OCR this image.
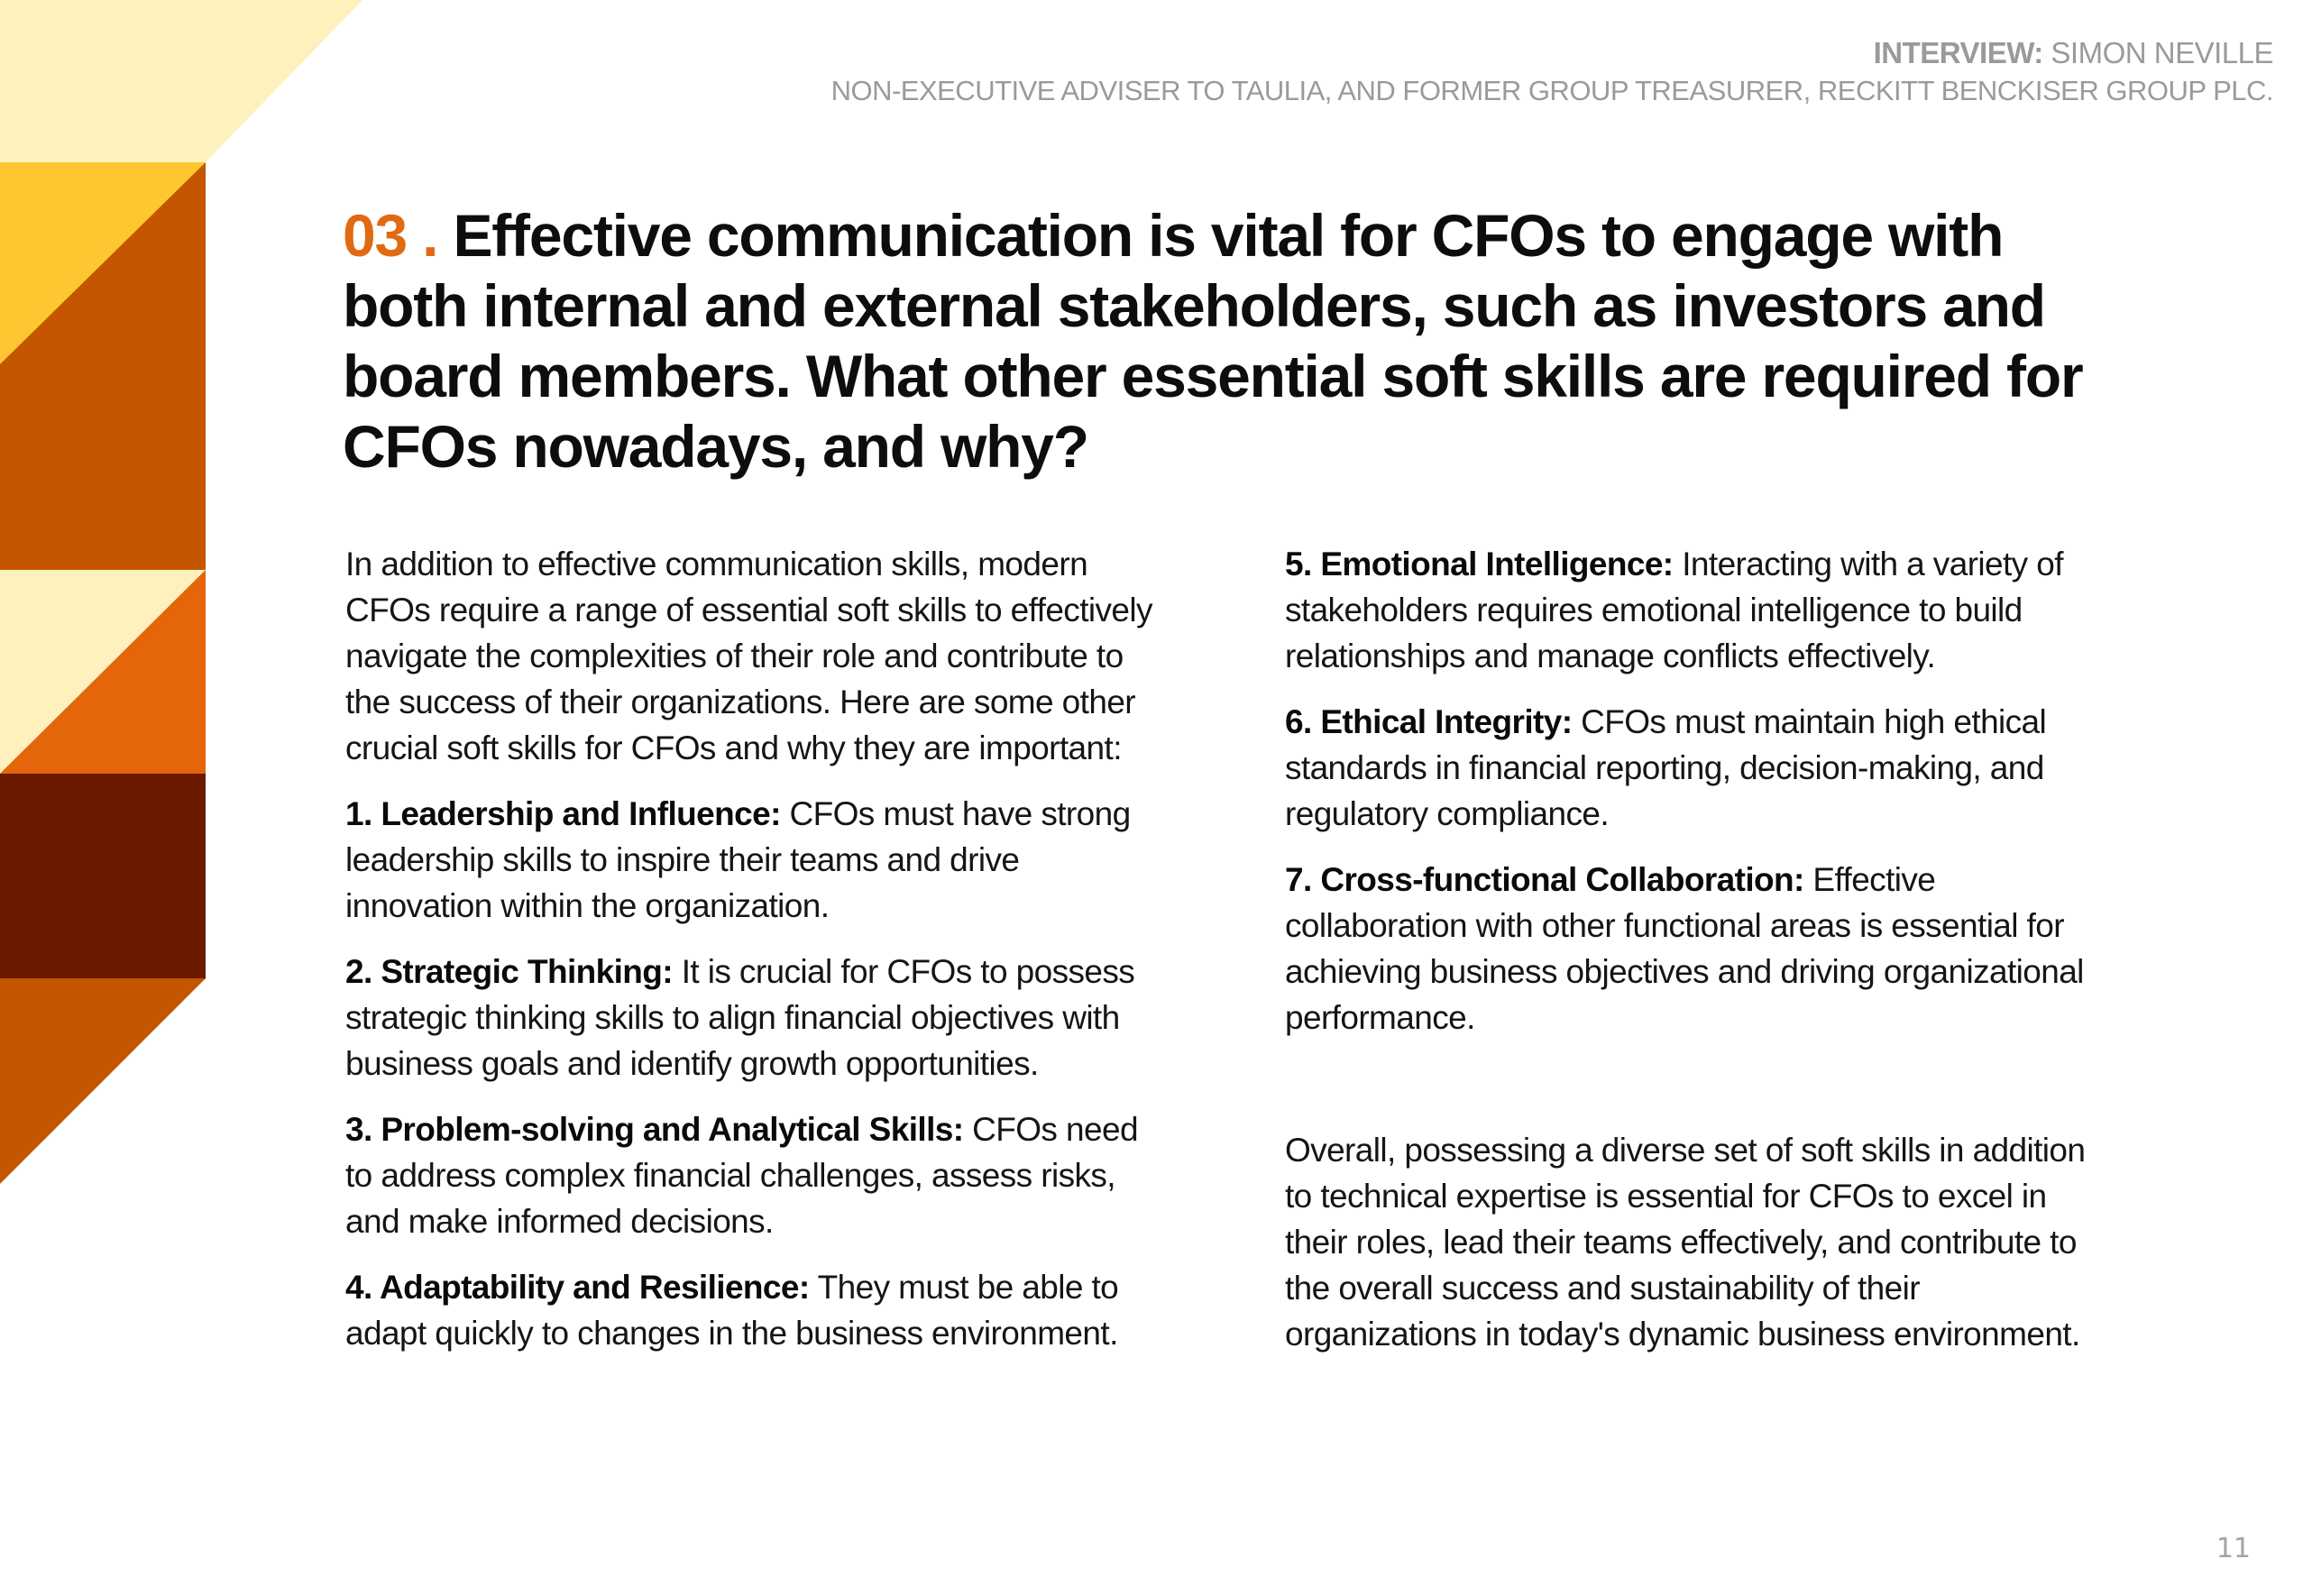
INTERVIEW: SIMON NEVILLE
NON-EXECUTIVE ADVISER TO TAULIA, AND FORMER GROUP TREASURER, RECKITT BENCKISER GROUP PLC.
03 . Effective communication is vital for CFOs to engage with both internal and external stakeholders, such as investors and board members. What other essential soft skills are required for CFOs nowadays, and why?

In addition to effective communication skills, modern CFOs require a range of essential soft skills to effectively navigate the complexities of their role and contribute to the success of their organizations. Here are some other crucial soft skills for CFOs and why they are important:

1. Leadership and Influence: CFOs must have strong leadership skills to inspire their teams and drive innovation within the organization.

2. Strategic Thinking: It is crucial for CFOs to possess strategic thinking skills to align financial objectives with business goals and identify growth opportunities.

3. Problem-solving and Analytical Skills: CFOs need to address complex financial challenges, assess risks, and make informed decisions.

4. Adaptability and Resilience: They must be able to adapt quickly to changes in the business environment.

5. Emotional Intelligence: Interacting with a variety of stakeholders requires emotional intelligence to build relationships and manage conflicts effectively.

6. Ethical Integrity: CFOs must maintain high ethical standards in financial reporting, decision-making, and regulatory compliance.

7. Cross-functional Collaboration: Effective collaboration with other functional areas is essential for achieving business objectives and driving organizational performance.

Overall, possessing a diverse set of soft skills in addition to technical expertise is essential for CFOs to excel in their roles, lead their teams effectively, and contribute to the overall success and sustainability of their organizations in today's dynamic business environment.

11
